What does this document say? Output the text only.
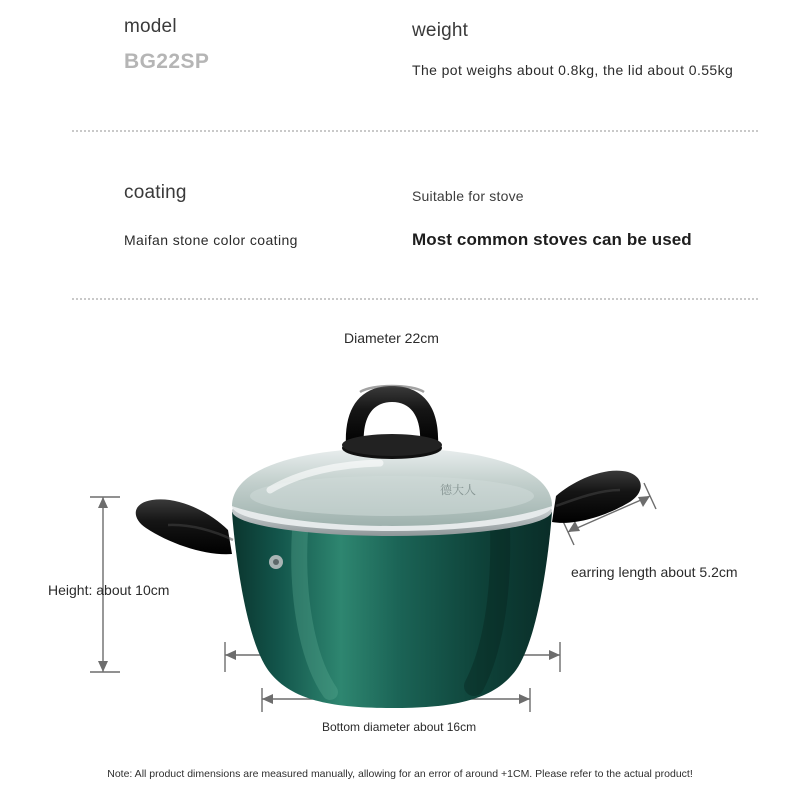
model
BG22SP
weight
The pot weighs about 0.8kg, the lid about 0.55kg
coating
Maifan stone color coating
Suitable for stove
Most common stoves can be used
德大人
Diameter 22cm
Height: about 10cm
earring length about 5.2cm
Bottom diameter about 16cm
Note: All product dimensions are measured manually, allowing for an error of around +1CM. Please refer to the actual product!
